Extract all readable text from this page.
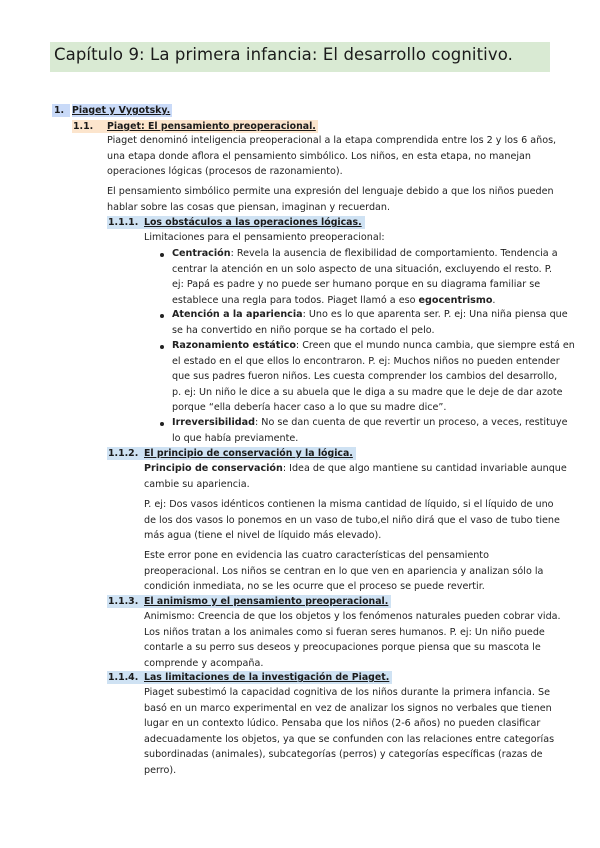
Capítulo 9: La primera infancia: El desarrollo cognitivo.
1. Piaget y Vygotsky.
1.1.	Piaget: El pensamiento preoperacional.
Piaget denominó inteligencia preoperacional a la etapa comprendida entre los 2 y los 6 años,
una etapa donde aflora el pensamiento simbólico. Los niños, en esta etapa, no manejan
operaciones lógicas (procesos de razonamiento).
El pensamiento simbólico permite una expresión del lenguaje debido a que los niños pueden
hablar sobre las cosas que piensan, imaginan y recuerdan.
1.1.1. Los obstáculos a las operaciones lógicas.
Limitaciones para el pensamiento preoperacional:
Centración: Revela la ausencia de flexibilidad de comportamiento. Tendencia a
centrar la atención en un solo aspecto de una situación, excluyendo el resto. P.
ej: Papá es padre y no puede ser humano porque en su diagrama familiar se
establece una regla para todos. Piaget llamó a eso egocentrismo.
Atención a la apariencia: Uno es lo que aparenta ser. P. ej: Una niña piensa que
se ha convertido en niño porque se ha cortado el pelo.
Razonamiento estático: Creen que el mundo nunca cambia, que siempre está en
el estado en el que ellos lo encontraron. P. ej: Muchos niños no pueden entender
que sus padres fueron niños. Les cuesta comprender los cambios del desarrollo,
p. ej: Un niño le dice a su abuela que le diga a su madre que le deje de dar azote
porque “ella debería hacer caso a lo que su madre dice”.
Irreversibilidad: No se dan cuenta de que revertir un proceso, a veces, restituye
lo que había previamente.
1.1.2. El principio de conservación y la lógica.
Principio de conservación: Idea de que algo mantiene su cantidad invariable aunque
cambie su apariencia.
P. ej: Dos vasos idénticos contienen la misma cantidad de líquido, si el líquido de uno
de los dos vasos lo ponemos en un vaso de tubo,el niño dirá que el vaso de tubo tiene
más agua (tiene el nivel de líquido más elevado).
Este error pone en evidencia las cuatro características del pensamiento
preoperacional. Los niños se centran en lo que ven en apariencia y analizan sólo la
condición inmediata, no se les ocurre que el proceso se puede revertir.
1.1.3. El animismo y el pensamiento preoperacional.
Animismo: Creencia de que los objetos y los fenómenos naturales pueden cobrar vida.
Los niños tratan a los animales como si fueran seres humanos. P. ej: Un niño puede
contarle a su perro sus deseos y preocupaciones porque piensa que su mascota le
comprende y acompaña.
1.1.4. Las limitaciones de la investigación de Piaget.
Piaget subestimó la capacidad cognitiva de los niños durante la primera infancia. Se
basó en un marco experimental en vez de analizar los signos no verbales que tienen
lugar en un contexto lúdico. Pensaba que los niños (2-6 años) no pueden clasificar
adecuadamente los objetos, ya que se confunden con las relaciones entre categorías
subordinadas (animales), subcategorías (perros) y categorías específicas (razas de
perro).
